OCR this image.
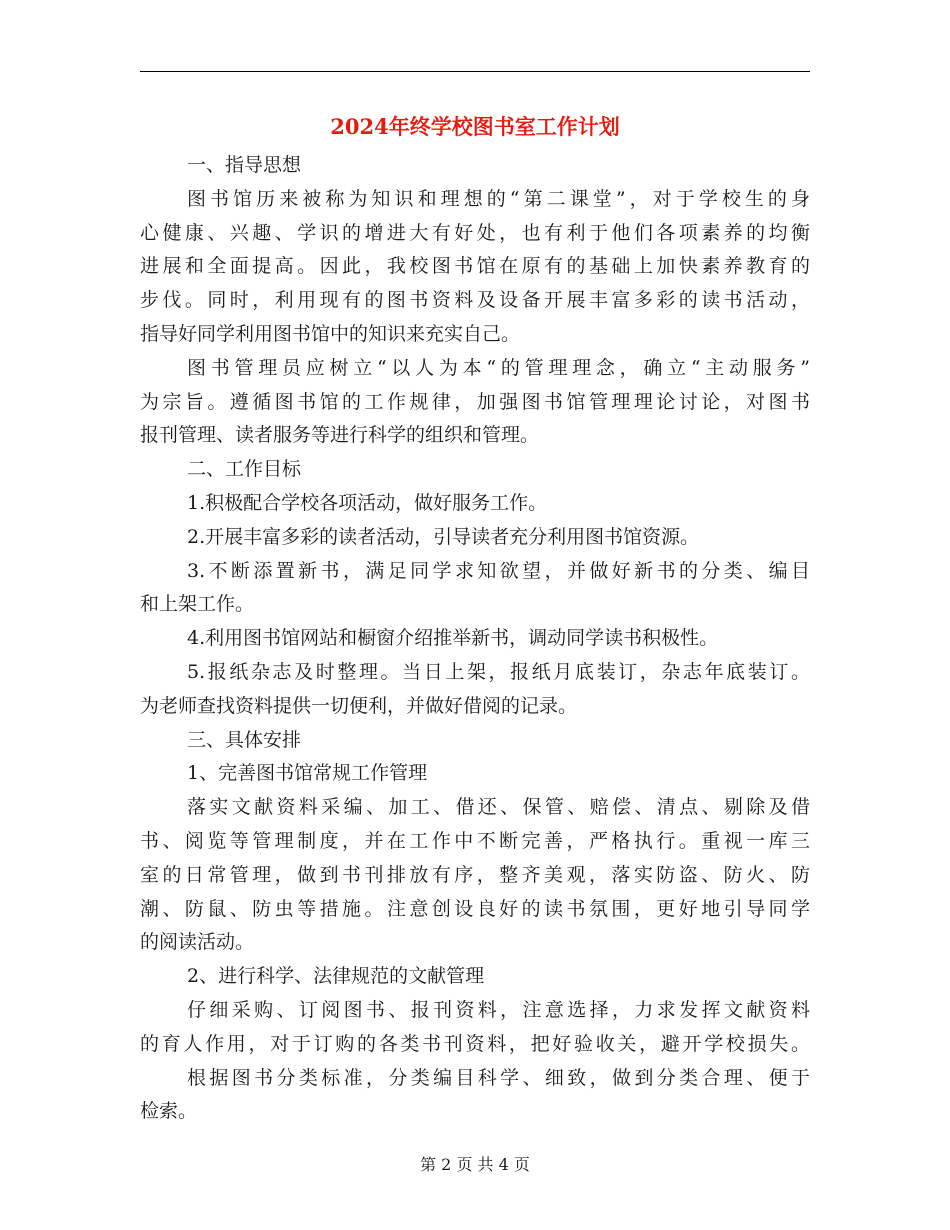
2024年终学校图书室工作计划
一、指导思想
图书馆历来被称为知识和理想的“第二课堂”，对于学校生的身
心健康、兴趣、学识的增进大有好处，也有利于他们各项素养的均衡
进展和全面提高。因此，我校图书馆在原有的基础上加快素养教育的
步伐。同时，利用现有的图书资料及设备开展丰富多彩的读书活动，
指导好同学利用图书馆中的知识来充实自己。
图书管理员应树立“以人为本“的管理理念，确立“主动服务”
为宗旨。遵循图书馆的工作规律，加强图书馆管理理论讨论，对图书
报刊管理、读者服务等进行科学的组织和管理。
二、工作目标
1.积极配合学校各项活动，做好服务工作。
2.开展丰富多彩的读者活动，引导读者充分利用图书馆资源。
3.不断添置新书，满足同学求知欲望，并做好新书的分类、编目
和上架工作。
4.利用图书馆网站和橱窗介绍推举新书，调动同学读书积极性。
5.报纸杂志及时整理。当日上架，报纸月底装订，杂志年底装订。
为老师查找资料提供一切便利，并做好借阅的记录。
三、具体安排
1、完善图书馆常规工作管理
落实文献资料采编、加工、借还、保管、赔偿、清点、剔除及借
书、阅览等管理制度，并在工作中不断完善，严格执行。重视一库三
室的日常管理，做到书刊排放有序，整齐美观，落实防盗、防火、防
潮、防鼠、防虫等措施。注意创设良好的读书氛围，更好地引导同学
的阅读活动。
2、进行科学、法律规范的文献管理
仔细采购、订阅图书、报刊资料，注意选择，力求发挥文献资料
的育人作用，对于订购的各类书刊资料，把好验收关，避开学校损失。
根据图书分类标准，分类编目科学、细致，做到分类合理、便于
检索。
第 2 页 共 4 页
